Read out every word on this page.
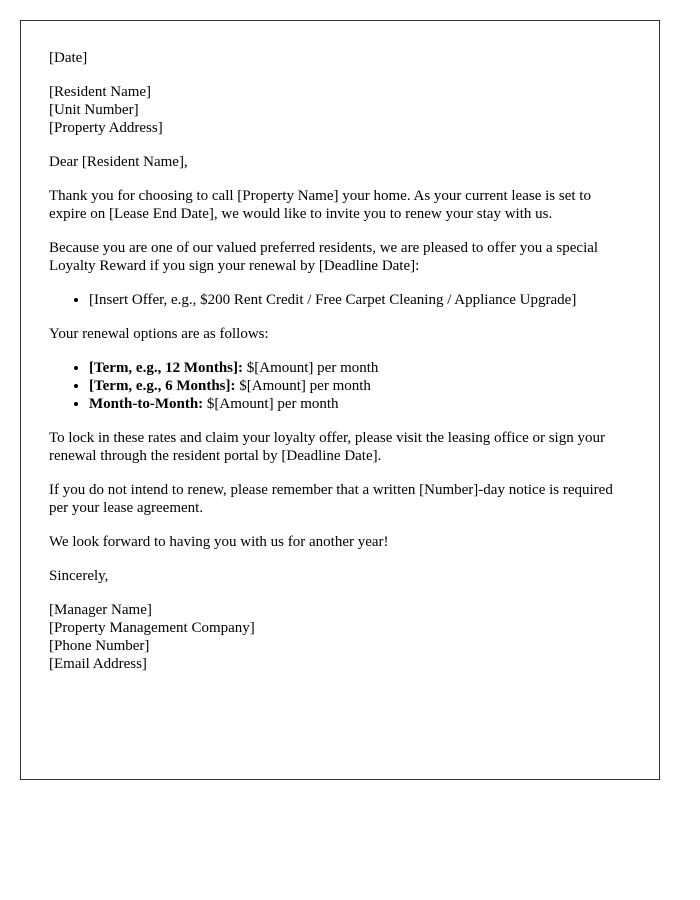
[Date]

[Resident Name]
[Unit Number]
[Property Address]

Dear [Resident Name],

Thank you for choosing to call [Property Name] your home. As your current lease is set to expire on [Lease End Date], we would like to invite you to renew your stay with us.

Because you are one of our valued preferred residents, we are pleased to offer you a special Loyalty Reward if you sign your renewal by [Deadline Date]:

• [Insert Offer, e.g., $200 Rent Credit / Free Carpet Cleaning / Appliance Upgrade]

Your renewal options are as follows:

• [Term, e.g., 12 Months]: $[Amount] per month
• [Term, e.g., 6 Months]: $[Amount] per month
• Month-to-Month: $[Amount] per month

To lock in these rates and claim your loyalty offer, please visit the leasing office or sign your renewal through the resident portal by [Deadline Date].

If you do not intend to renew, please remember that a written [Number]-day notice is required per your lease agreement.

We look forward to having you with us for another year!

Sincerely,

[Manager Name]
[Property Management Company]
[Phone Number]
[Email Address]
